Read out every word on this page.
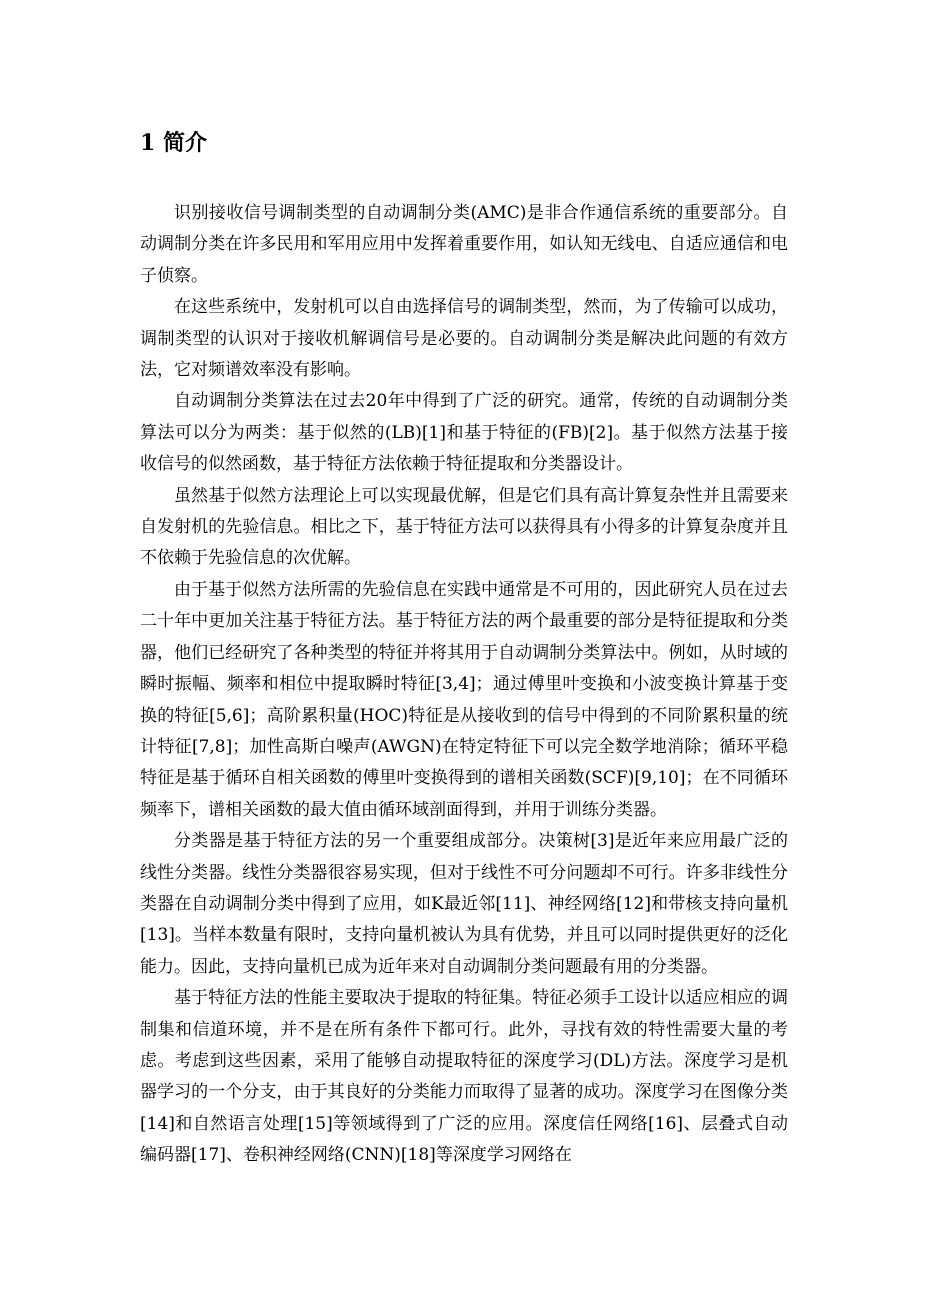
1 简介

识别接收信号调制类型的自动调制分类(AMC)是非合作通信系统的重要部分。自动调制分类在许多民用和军用应用中发挥着重要作用，如认知无线电、自适应通信和电子侦察。

在这些系统中，发射机可以自由选择信号的调制类型，然而，为了传输可以成功，调制类型的认识对于接收机解调信号是必要的。自动调制分类是解决此问题的有效方法，它对频谱效率没有影响。

自动调制分类算法在过去20年中得到了广泛的研究。通常，传统的自动调制分类算法可以分为两类：基于似然的(LB)[1]和基于特征的(FB)[2]。基于似然方法基于接收信号的似然函数，基于特征方法依赖于特征提取和分类器设计。

虽然基于似然方法理论上可以实现最优解，但是它们具有高计算复杂性并且需要来自发射机的先验信息。相比之下，基于特征方法可以获得具有小得多的计算复杂度并且不依赖于先验信息的次优解。

由于基于似然方法所需的先验信息在实践中通常是不可用的，因此研究人员在过去二十年中更加关注基于特征方法。基于特征方法的两个最重要的部分是特征提取和分类器，他们已经研究了各种类型的特征并将其用于自动调制分类算法中。例如，从时域的瞬时振幅、频率和相位中提取瞬时特征[3,4]；通过傅里叶变换和小波变换计算基于变换的特征[5,6]；高阶累积量(HOC)特征是从接收到的信号中得到的不同阶累积量的统计特征[7,8]；加性高斯白噪声(AWGN)在特定特征下可以完全数学地消除；循环平稳特征是基于循环自相关函数的傅里叶变换得到的谱相关函数(SCF)[9,10]；在不同循环频率下，谱相关函数的最大值由循环域剖面得到，并用于训练分类器。

分类器是基于特征方法的另一个重要组成部分。决策树[3]是近年来应用最广泛的线性分类器。线性分类器很容易实现，但对于线性不可分问题却不可行。许多非线性分类器在自动调制分类中得到了应用，如K最近邻[11]、神经网络[12]和带核支持向量机[13]。当样本数量有限时，支持向量机被认为具有优势，并且可以同时提供更好的泛化能力。因此，支持向量机已成为近年来对自动调制分类问题最有用的分类器。

基于特征方法的性能主要取决于提取的特征集。特征必须手工设计以适应相应的调制集和信道环境，并不是在所有条件下都可行。此外，寻找有效的特性需要大量的考虑。考虑到这些因素，采用了能够自动提取特征的深度学习(DL)方法。深度学习是机器学习的一个分支，由于其良好的分类能力而取得了显著的成功。深度学习在图像分类[14]和自然语言处理[15]等领域得到了广泛的应用。深度信任网络[16]、层叠式自动编码器[17]、卷积神经网络(CNN)[18]等深度学习网络在
